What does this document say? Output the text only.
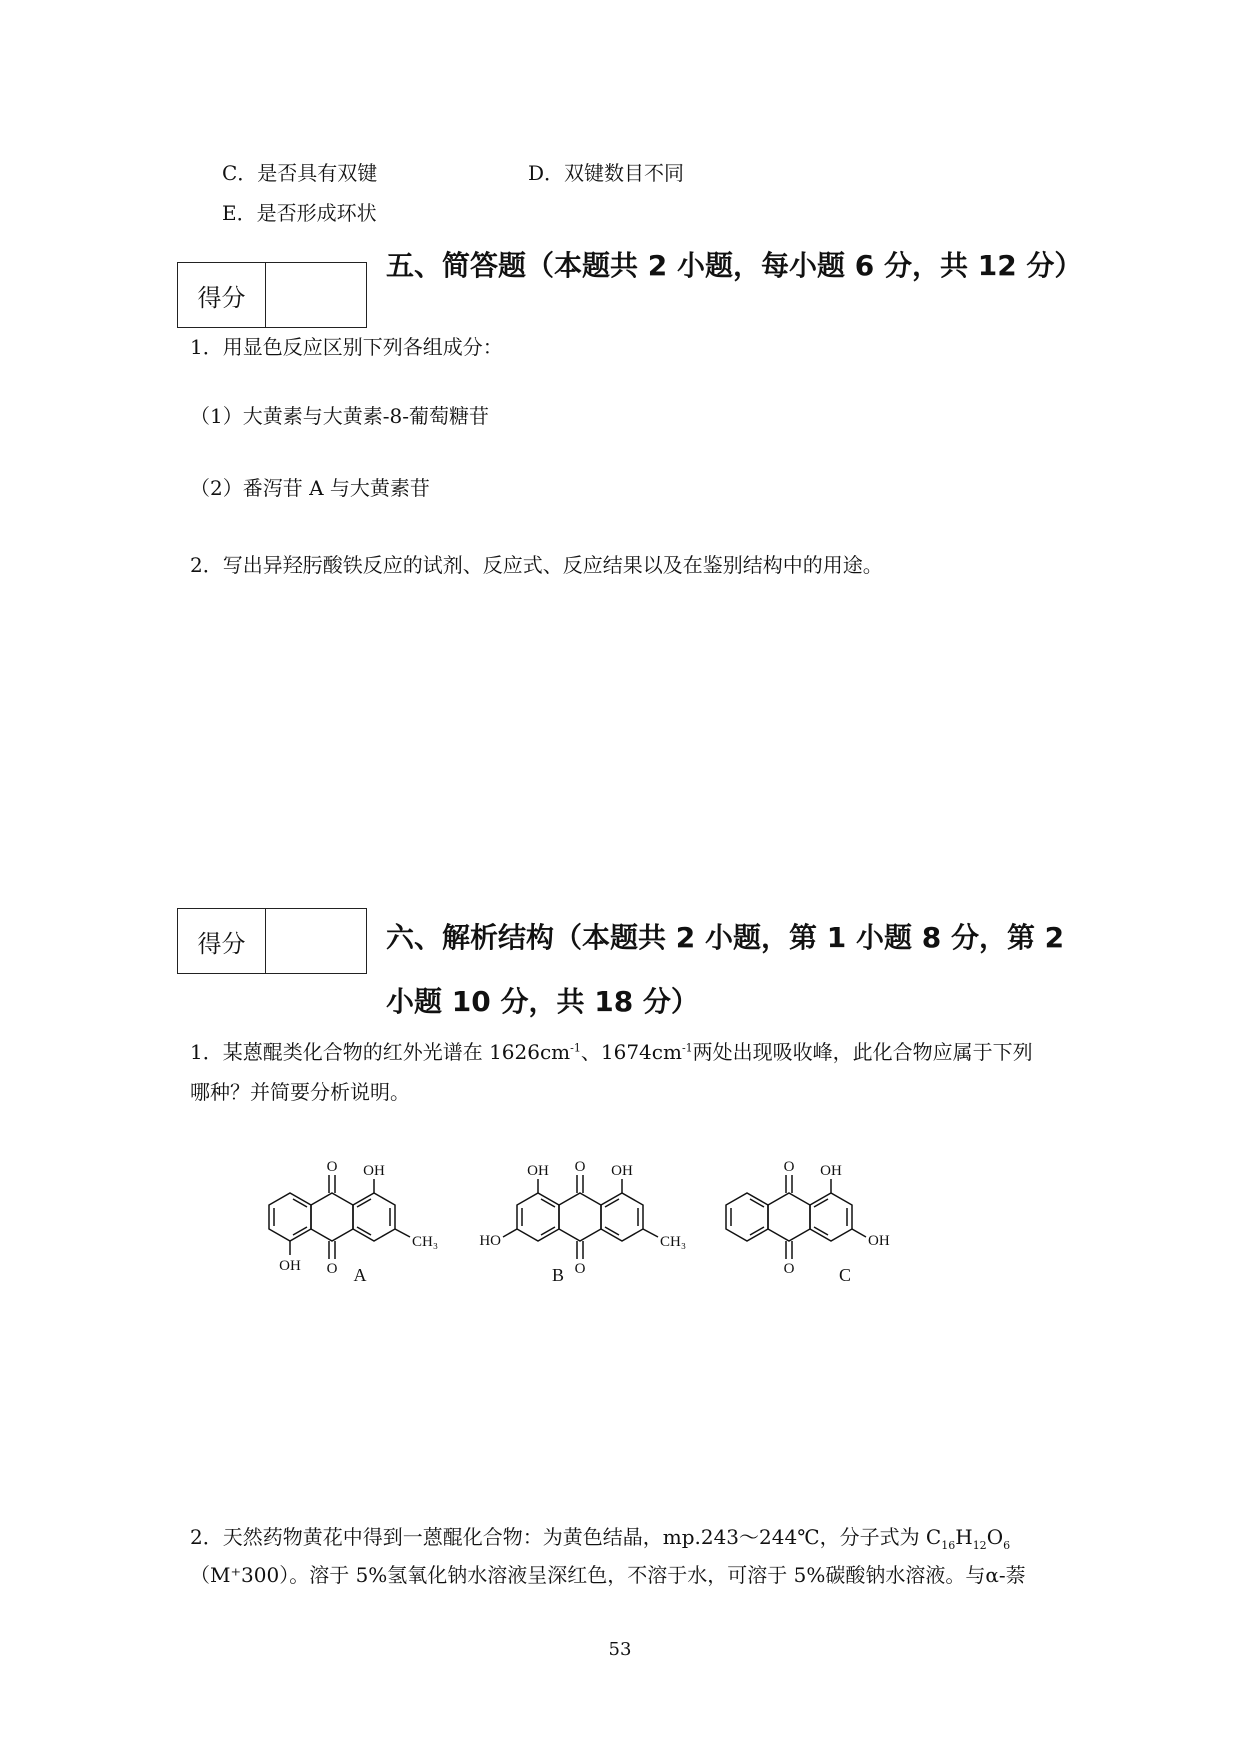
C．是否具有双键	D．双键数目不同
E．是否形成环状
得分
五、简答题（本题共 2 小题，每小题 6 分，共 12 分）
1．用显色反应区别下列各组成分：
（1）大黄素与大黄素-8-葡萄糖苷
（2）番泻苷 A 与大黄素苷
2．写出异羟肟酸铁反应的试剂、反应式、反应结果以及在鉴别结构中的用途。
得分	六、解析结构（本题共 2 小题，第 1 小题 8 分，第 2
小题 10 分，共 18 分）
1．某蒽醌类化合物的红外光谱在 $1626cm^{-1}$、$1674cm^{-1}$两处出现吸收峰，此化合物应属于下列
哪种？并简要分析说明。
O
O
OH
OH
CH₃
A
O
O
OH	OH
HO	CH₃
B
O
O
OH
OH
C
2．天然药物黄花中得到一蒽醌化合物：为黄色结晶，mp.243～244℃，分子式为 $C_{16}H_{12}O_6$
（M⁺300）。溶于 5%氢氧化钠水溶液呈深红色，不溶于水，可溶于 5%碳酸钠水溶液。与α-萘
53
